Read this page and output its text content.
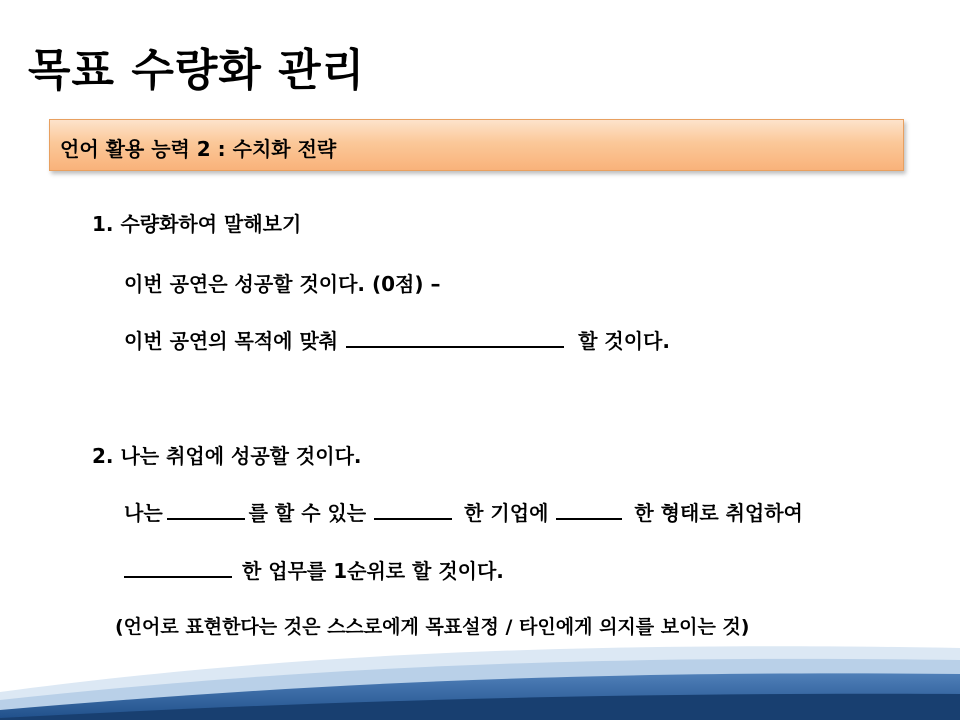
목표 수량화 관리
언어 활용 능력 2 : 수치화 전략
1. 수량화하여 말해보기
이번 공연은 성공할 것이다. (0점) –
이번 공연의 목적에 맞춰	할 것이다.
2. 나는 취업에 성공할 것이다.
나는	를 할 수 있는	한 기업에	한 형태로 취업하여
한 업무를 1순위로 할 것이다.
(언어로 표현한다는 것은 스스로에게 목표설정 / 타인에게 의지를 보이는 것)
